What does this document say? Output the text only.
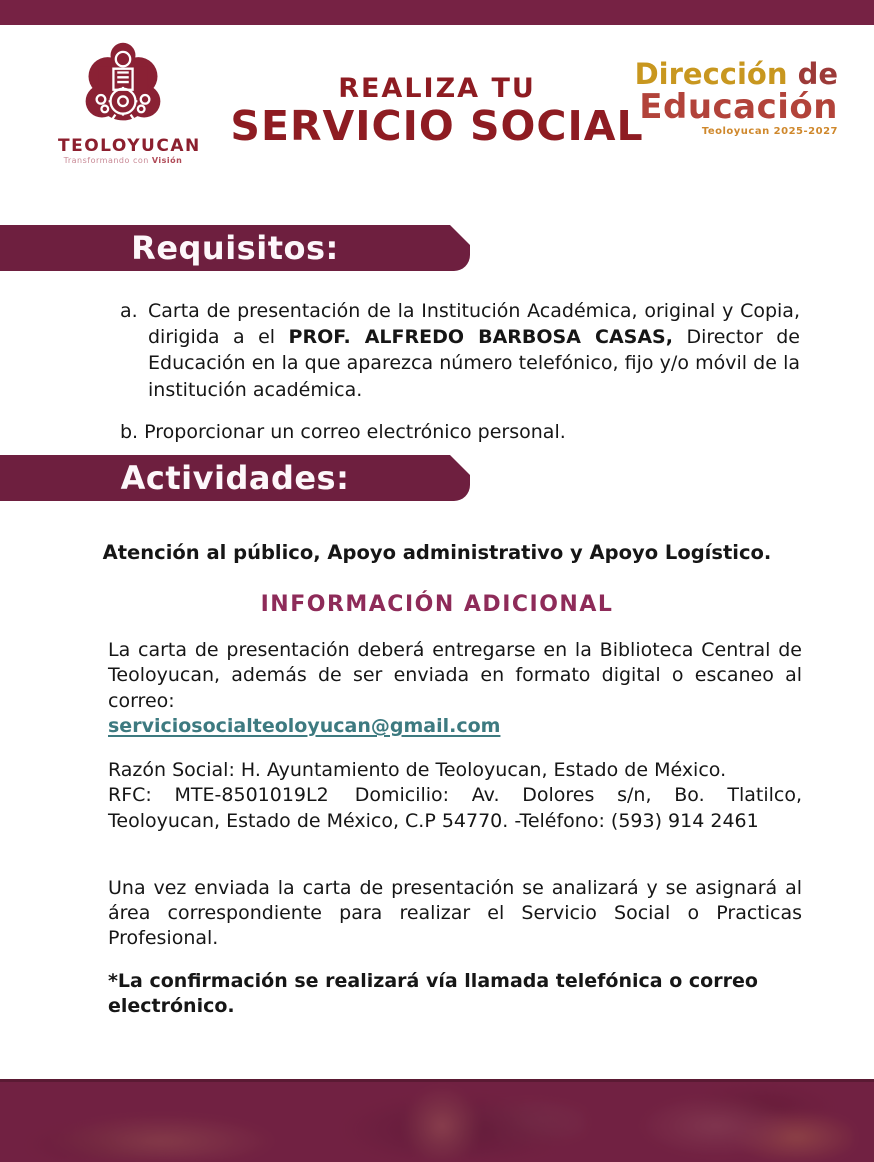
TEOLOYUCAN
Transformando con Visión
REALIZA TU
SERVICIO SOCIAL
Dirección de
Educación
Teoloyucan 2025-2027
Requisitos:
a. Carta de presentación de la Institución Académica, original y Copia, dirigida a el PROF. ALFREDO BARBOSA CASAS, Director de Educación en la que aparezca número telefónico, fijo y/o móvil de la institución académica.
b. Proporcionar un correo electrónico personal.
Actividades:
Atención al público, Apoyo administrativo y Apoyo Logístico.
INFORMACIÓN ADICIONAL

La carta de presentación deberá entregarse en la Biblioteca Central de Teoloyucan, además de ser enviada en formato digital o escaneo al correo:
serviciosocialteoloyucan@gmail.com

Razón Social: H. Ayuntamiento de Teoloyucan, Estado de México.
RFC: MTE-8501019L2 Domicilio: Av. Dolores s/n, Bo. Tlatilco, Teoloyucan, Estado de México, C.P 54770. -Teléfono: (593) 914 2461

Una vez enviada la carta de presentación se analizará y se asignará al área correspondiente para realizar el Servicio Social o Practicas Profesional.

*La confirmación se realizará vía llamada telefónica o correo electrónico.
